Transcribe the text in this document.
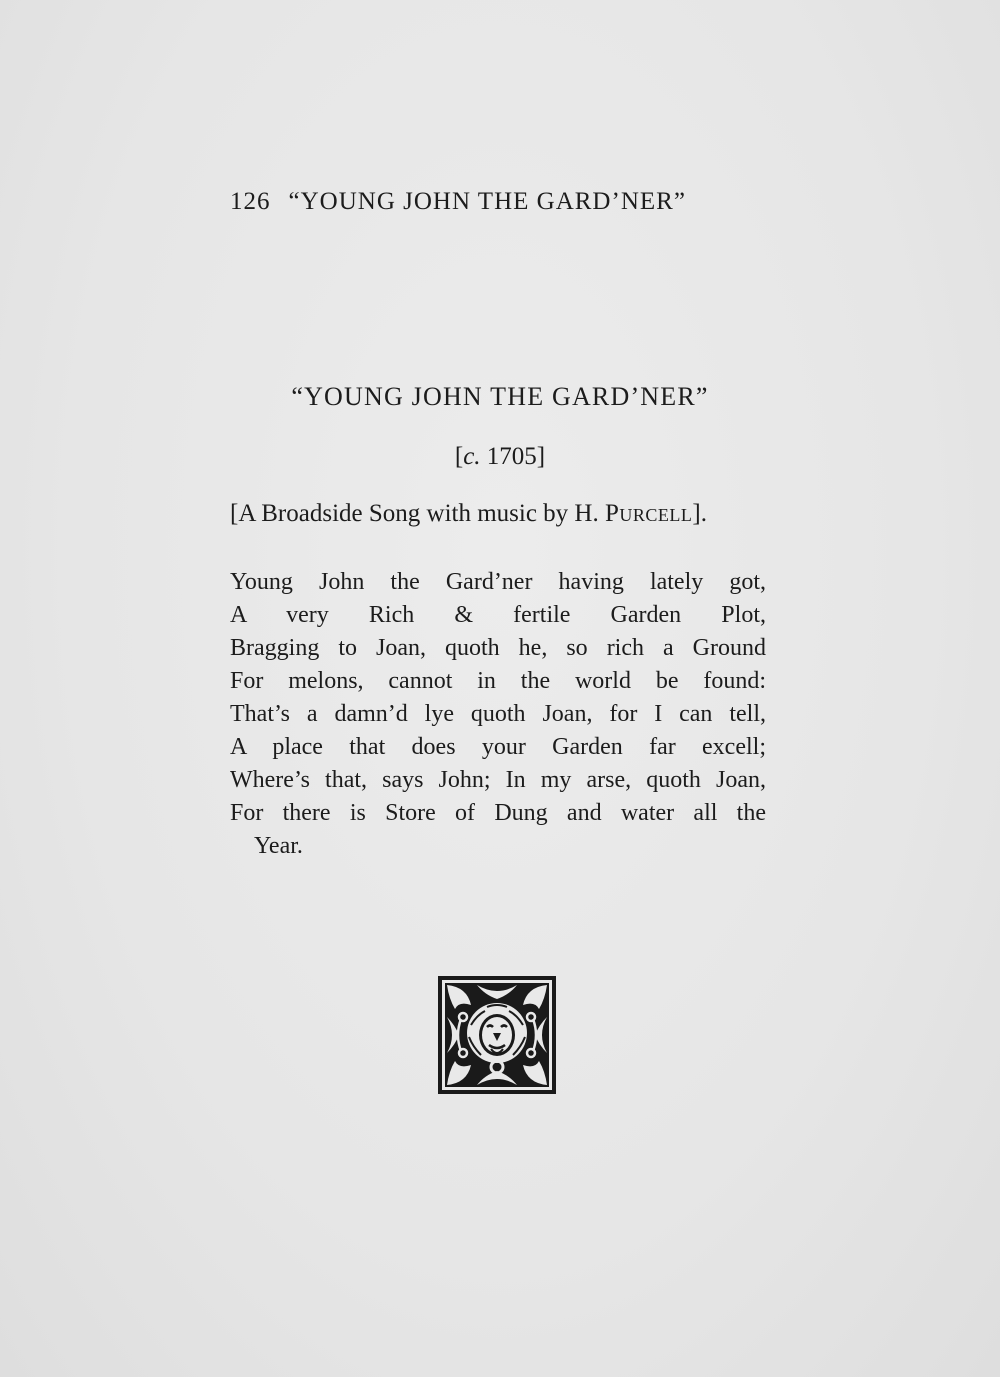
126 “YOUNG JOHN THE GARD’NER”
“YOUNG JOHN THE GARD’NER”
[c. 1705]
[A Broadside Song with music by H. Purcell].
Young John the Gard’ner having lately got,
A very Rich & fertile Garden Plot,
Bragging to Joan, quoth he, so rich a Ground
For melons, cannot in the world be found:
That’s a damn’d lye quoth Joan, for I can tell,
A place that does your Garden far excell;
Where’s that, says John; In my arse, quoth Joan,
For there is Store of Dung and water all the
Year.
